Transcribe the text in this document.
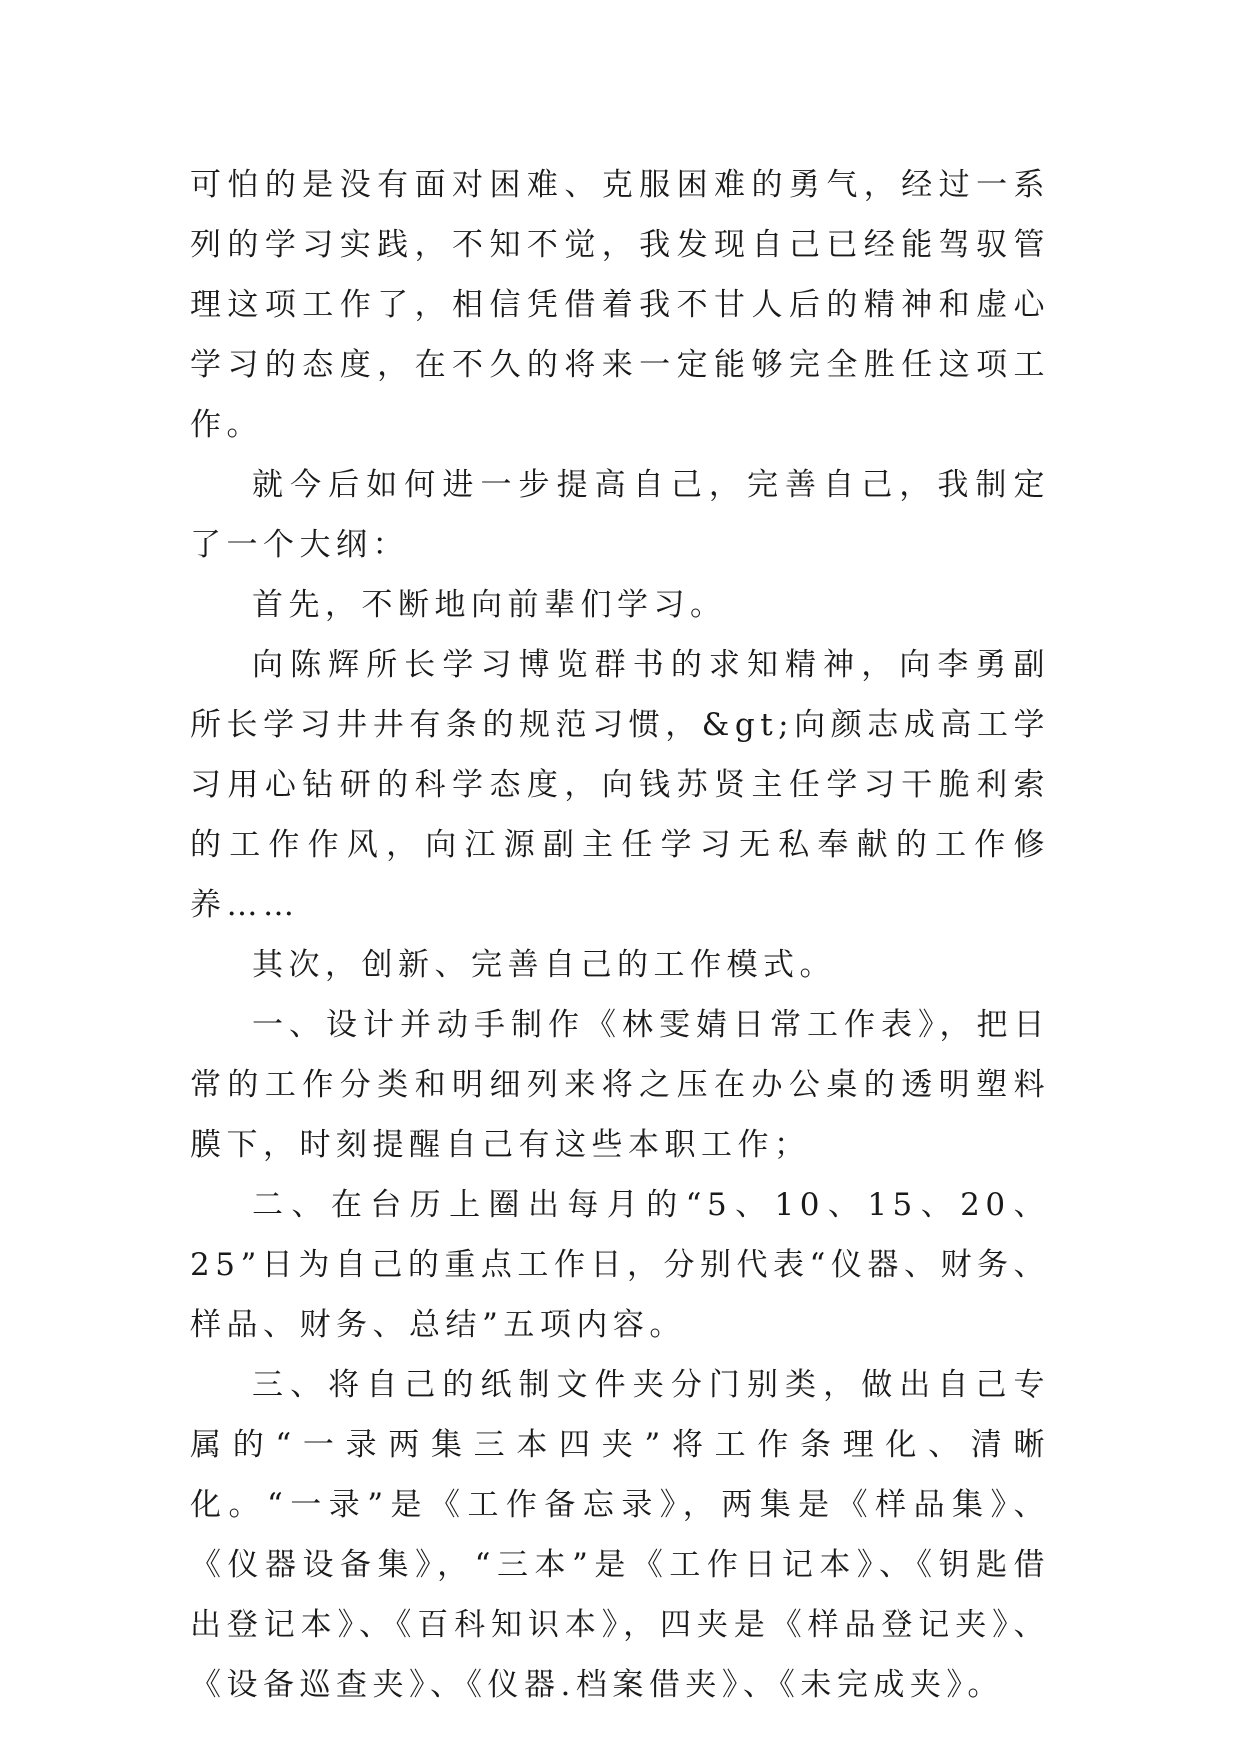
可怕的是没有面对困难、克服困难的勇气，经过一系列的学习实践，不知不觉，我发现自己已经能驾驭管理这项工作了，相信凭借着我不甘人后的精神和虚心学习的态度，在不久的将来一定能够完全胜任这项工作。

就今后如何进一步提高自己，完善自己，我制定了一个大纲：

首先，不断地向前辈们学习。

向陈辉所长学习博览群书的求知精神，向李勇副所长学习井井有条的规范习惯，&gt;向颜志成高工学习用心钻研的科学态度，向钱苏贤主任学习干脆利索的工作作风，向江源副主任学习无私奉献的工作修养……

其次，创新、完善自己的工作模式。

一、设计并动手制作《林雯婧日常工作表》，把日常的工作分类和明细列来将之压在办公桌的透明塑料膜下，时刻提醒自己有这些本职工作；

二、在台历上圈出每月的“5、10、15、20、25”日为自己的重点工作日，分别代表“仪器、财务、样品、财务、总结”五项内容。

三、将自己的纸制文件夹分门别类，做出自己专属的“一录两集三本四夹”将工作条理化、清晰化。“一录”是《工作备忘录》，两集是《样品集》、《仪器设备集》，“三本”是《工作日记本》、《钥匙借出登记本》、《百科知识本》，四夹是《样品登记夹》、《设备巡查夹》、《仪器.档案借夹》、《未完成夹》。
